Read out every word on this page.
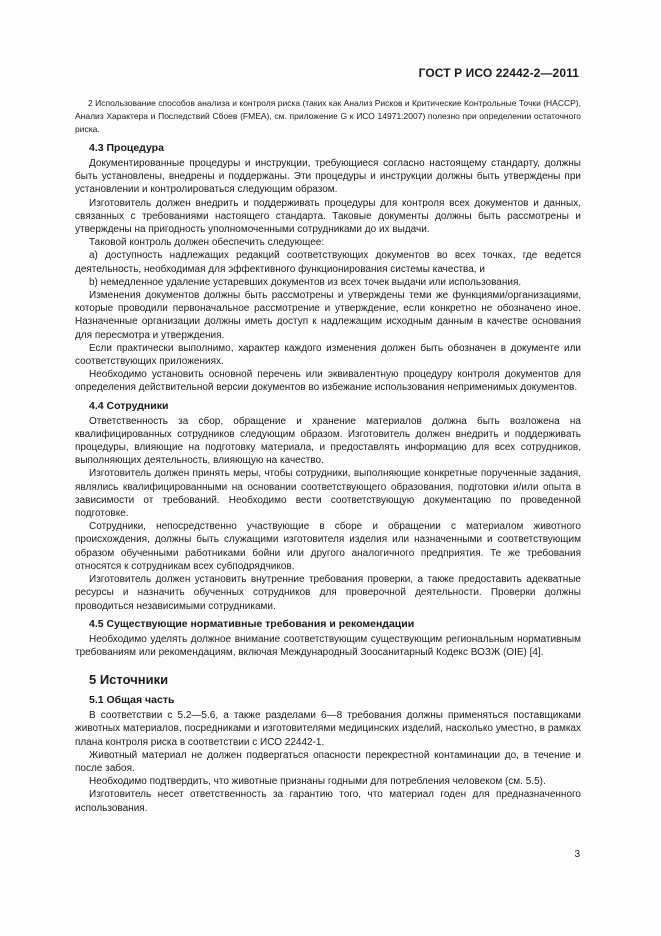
ГОСТ Р ИСО 22442-2—2011

2 Использование способов анализа и контроля риска (таких как Анализ Рисков и Критические Контрольные Точки (HACCP), Анализ Характера и Последствий Сбоев (FMEA), см. приложение G к ИСО 14971:2007) полезно при определении остаточного риска.

4.3 Процедура

Документированные процедуры и инструкции, требующиеся согласно настоящему стандарту, должны быть установлены, внедрены и поддержаны. Эти процедуры и инструкции должны быть утверждены при установлении и контролироваться следующим образом.

Изготовитель должен внедрить и поддерживать процедуры для контроля всех документов и данных, связанных с требованиями настоящего стандарта. Таковые документы должны быть рассмотрены и утверждены на пригодность уполномоченными сотрудниками до их выдачи.

Таковой контроль должен обеспечить следующее:

a) доступность надлежащих редакций соответствующих документов во всех точках, где ведется деятельность, необходимая для эффективного функционирования системы качества, и

b) немедленное удаление устаревших документов из всех точек выдачи или использования.

Изменения документов должны быть рассмотрены и утверждены теми же функциями/организациями, которые проводили первоначальное рассмотрение и утверждение, если конкретно не обозначено иное. Назначенные организации должны иметь доступ к надлежащим исходным данным в качестве основания для пересмотра и утверждения.

Если практически выполнимо, характер каждого изменения должен быть обозначен в документе или соответствующих приложениях.

Необходимо установить основной перечень или эквивалентную процедуру контроля документов для определения действительной версии документов во избежание использования неприменимых документов.

4.4 Сотрудники

Ответственность за сбор, обращение и хранение материалов должна быть возложена на квалифицированных сотрудников следующим образом. Изготовитель должен внедрить и поддерживать процедуры, влияющие на подготовку материала, и предоставлять информацию для всех сотрудников, выполняющих деятельность, влияющую на качество.

Изготовитель должен принять меры, чтобы сотрудники, выполняющие конкретные порученные задания, являлись квалифицированными на основании соответствующего образования, подготовки и/или опыта в зависимости от требований. Необходимо вести соответствующую документацию по проведенной подготовке.

Сотрудники, непосредственно участвующие в сборе и обращении с материалом животного происхождения, должны быть служащими изготовителя изделия или назначенными и соответствующим образом обученными работниками бойни или другого аналогичного предприятия. Те же требования относятся к сотрудникам всех субподрядчиков.

Изготовитель должен установить внутренние требования проверки, а также предоставить адекватные ресурсы и назначить обученных сотрудников для проверочной деятельности. Проверки должны проводиться независимыми сотрудниками.

4.5 Существующие нормативные требования и рекомендации

Необходимо уделять должное внимание соответствующим существующим региональным нормативным требованиям или рекомендациям, включая Международный Зоосанитарный Кодекс ВОЗЖ (OIE) [4].

5 Источники
5.1 Общая часть

В соответствии с 5.2—5.6, а также разделами 6—8 требования должны применяться поставщиками животных материалов, посредниками и изготовителями медицинских изделий, насколько уместно, в рамках плана контроля риска в соответствии с ИСО 22442-1.

Животный материал не должен подвергаться опасности перекрестной контаминации до, в течение и после забоя.

Необходимо подтвердить, что животные признаны годными для потребления человеком (см. 5.5).

Изготовитель несет ответственность за гарантию того, что материал годен для предназначенного использования.

3
